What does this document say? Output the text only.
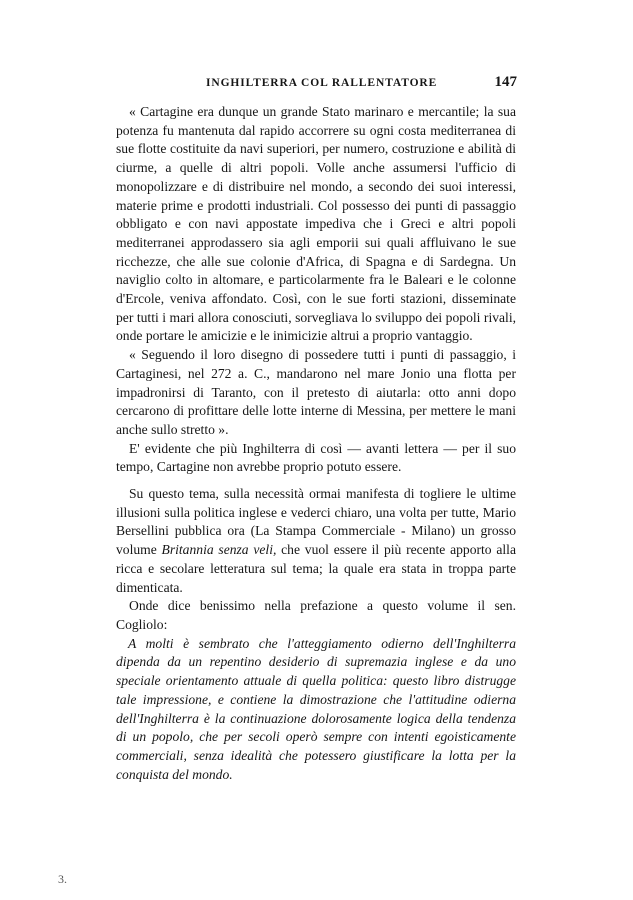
INGHILTERRA COL RALLENTATORE	147

« Cartagine era dunque un grande Stato marinaro e mercantile; la sua potenza fu mantenuta dal rapido accorrere su ogni costa mediterranea di sue flotte costituite da navi superiori, per numero, costruzione e abilità di ciurme, a quelle di altri popoli. Volle anche assumersi l'ufficio di monopolizzare e di distribuire nel mondo, a secondo dei suoi interessi, materie prime e prodotti industriali. Col possesso dei punti di passaggio obbligato e con navi appostate impediva che i Greci e altri popoli mediterranei approdassero sia agli emporii sui quali affluivano le sue ricchezze, che alle sue colonie d'Africa, di Spagna e di Sardegna. Un naviglio colto in altomare, e particolarmente fra le Baleari e le colonne d'Ercole, veniva affondato. Così, con le sue forti stazioni, disseminate per tutti i mari allora conosciuti, sorvegliava lo sviluppo dei popoli rivali, onde portare le amicizie e le inimicizie altrui a proprio vantaggio.

« Seguendo il loro disegno di possedere tutti i punti di passaggio, i Cartaginesi, nel 272 a. C., mandarono nel mare Jonio una flotta per impadronirsi di Taranto, con il pretesto di aiutarla: otto anni dopo cercarono di profittare delle lotte interne di Messina, per mettere le mani anche sullo stretto ».

E' evidente che più Inghilterra di così — avanti lettera — per il suo tempo, Cartagine non avrebbe proprio potuto essere.

Su questo tema, sulla necessità ormai manifesta di togliere le ultime illusioni sulla politica inglese e vederci chiaro, una volta per tutte, Mario Bersellini pubblica ora (La Stampa Commerciale - Milano) un grosso volume Britannia senza veli, che vuol essere il più recente apporto alla ricca e secolare letteratura sul tema; la quale era stata in troppa parte dimenticata.

Onde dice benissimo nella prefazione a questo volume il sen. Cogliolo:

A molti è sembrato che l'atteggiamento odierno dell'Inghilterra dipenda da un repentino desiderio di supremazia inglese e da uno speciale orientamento attuale di quella politica: questo libro distrugge tale impressione, e contiene la dimostrazione che l'attitudine odierna dell'Inghilterra è la continuazione dolorosamente logica della tendenza di un popolo, che per secoli operò sempre con intenti egoisticamente commerciali, senza idealità che potessero giustificare la lotta per la conquista del mondo.

3.
